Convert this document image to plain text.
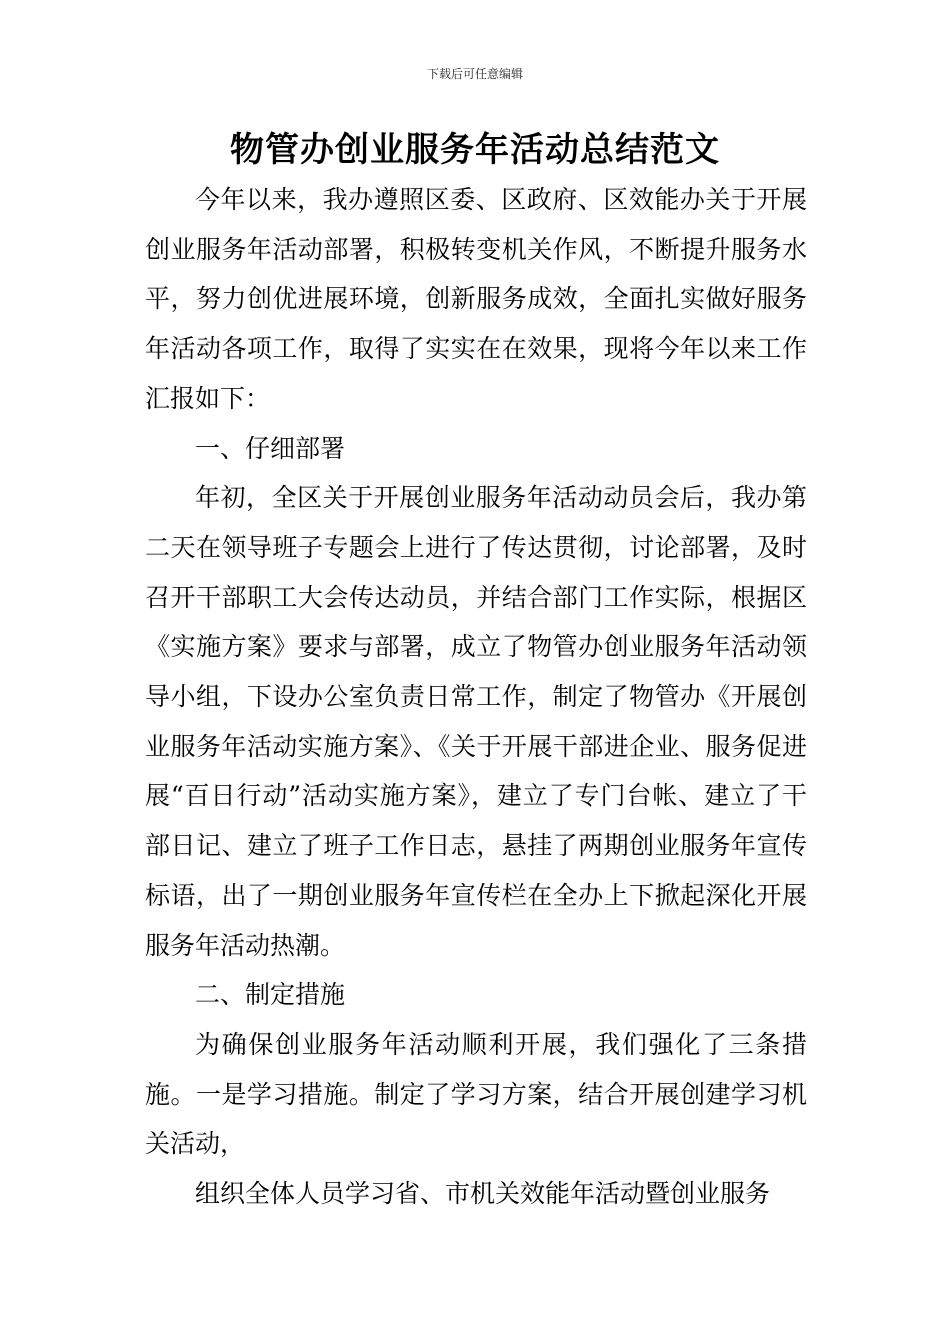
下载后可任意编辑
物管办创业服务年活动总结范文

今年以来，我办遵照区委、区政府、区效能办关于开展创业服务年活动部署，积极转变机关作风，不断提升服务水平，努力创优进展环境，创新服务成效，全面扎实做好服务年活动各项工作，取得了实实在在效果，现将今年以来工作汇报如下：

一、仔细部署

年初，全区关于开展创业服务年活动动员会后，我办第二天在领导班子专题会上进行了传达贯彻，讨论部署，及时召开干部职工大会传达动员，并结合部门工作实际，根据区《实施方案》要求与部署，成立了物管办创业服务年活动领导小组，下设办公室负责日常工作，制定了物管办《开展创业服务年活动实施方案》、《关于开展干部进企业、服务促进展“百日行动”活动实施方案》，建立了专门台帐、建立了干部日记、建立了班子工作日志，悬挂了两期创业服务年宣传标语，出了一期创业服务年宣传栏在全办上下掀起深化开展服务年活动热潮。

二、制定措施

为确保创业服务年活动顺利开展，我们强化了三条措施。一是学习措施。制定了学习方案，结合开展创建学习机关活动，

组织全体人员学习省、市机关效能年活动暨创业服务
